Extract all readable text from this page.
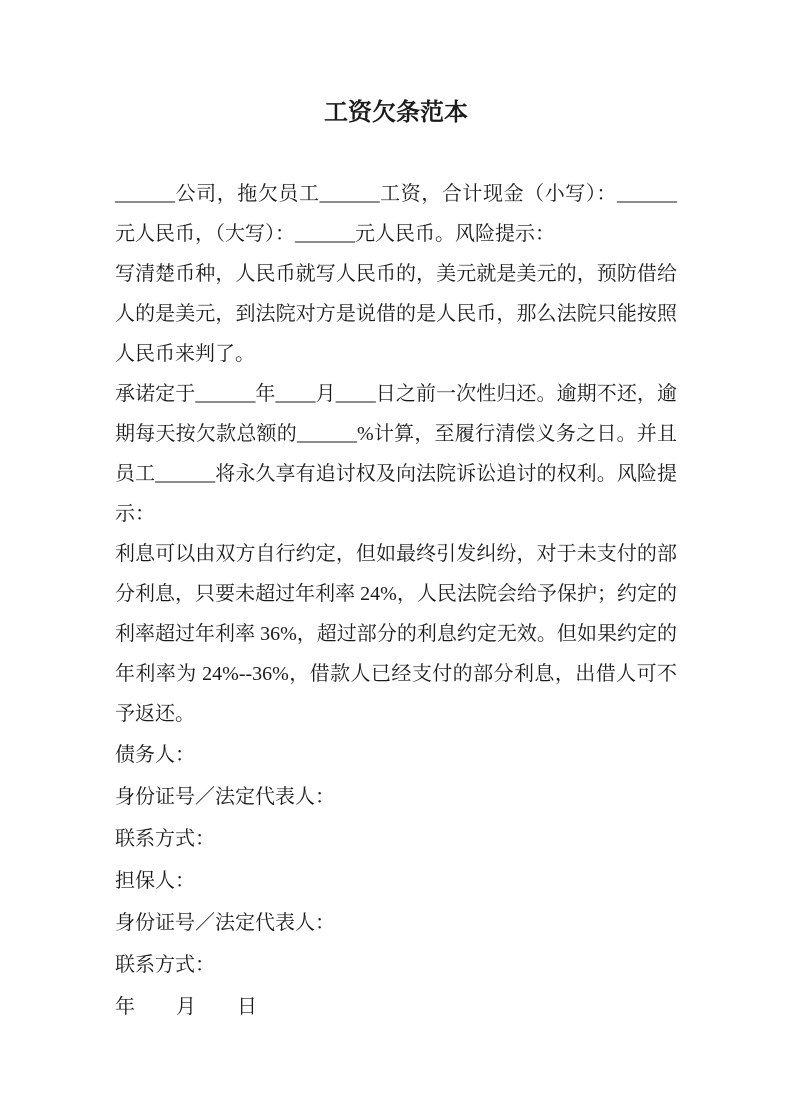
工资欠条范本

______公司，拖欠员工______工资，合计现金（小写）：______元人民币，（大写）：______元人民币。风险提示：

写清楚币种，人民币就写人民币的，美元就是美元的，预防借给人的是美元，到法院对方是说借的是人民币，那么法院只能按照人民币来判了。

承诺定于______年____月____日之前一次性归还。逾期不还，逾期每天按欠款总额的______%计算，至履行清偿义务之日。并且员工______将永久享有追讨权及向法院诉讼追讨的权利。风险提示：

利息可以由双方自行约定，但如最终引发纠纷，对于未支付的部分利息，只要未超过年利率 24%，人民法院会给予保护；约定的利率超过年利率 36%，超过部分的利息约定无效。但如果约定的年利率为 24%--36%，借款人已经支付的部分利息，出借人可不予返还。

债务人：

身份证号／法定代表人：

联系方式：

担保人：

身份证号／法定代表人：

联系方式：

年 月 日
